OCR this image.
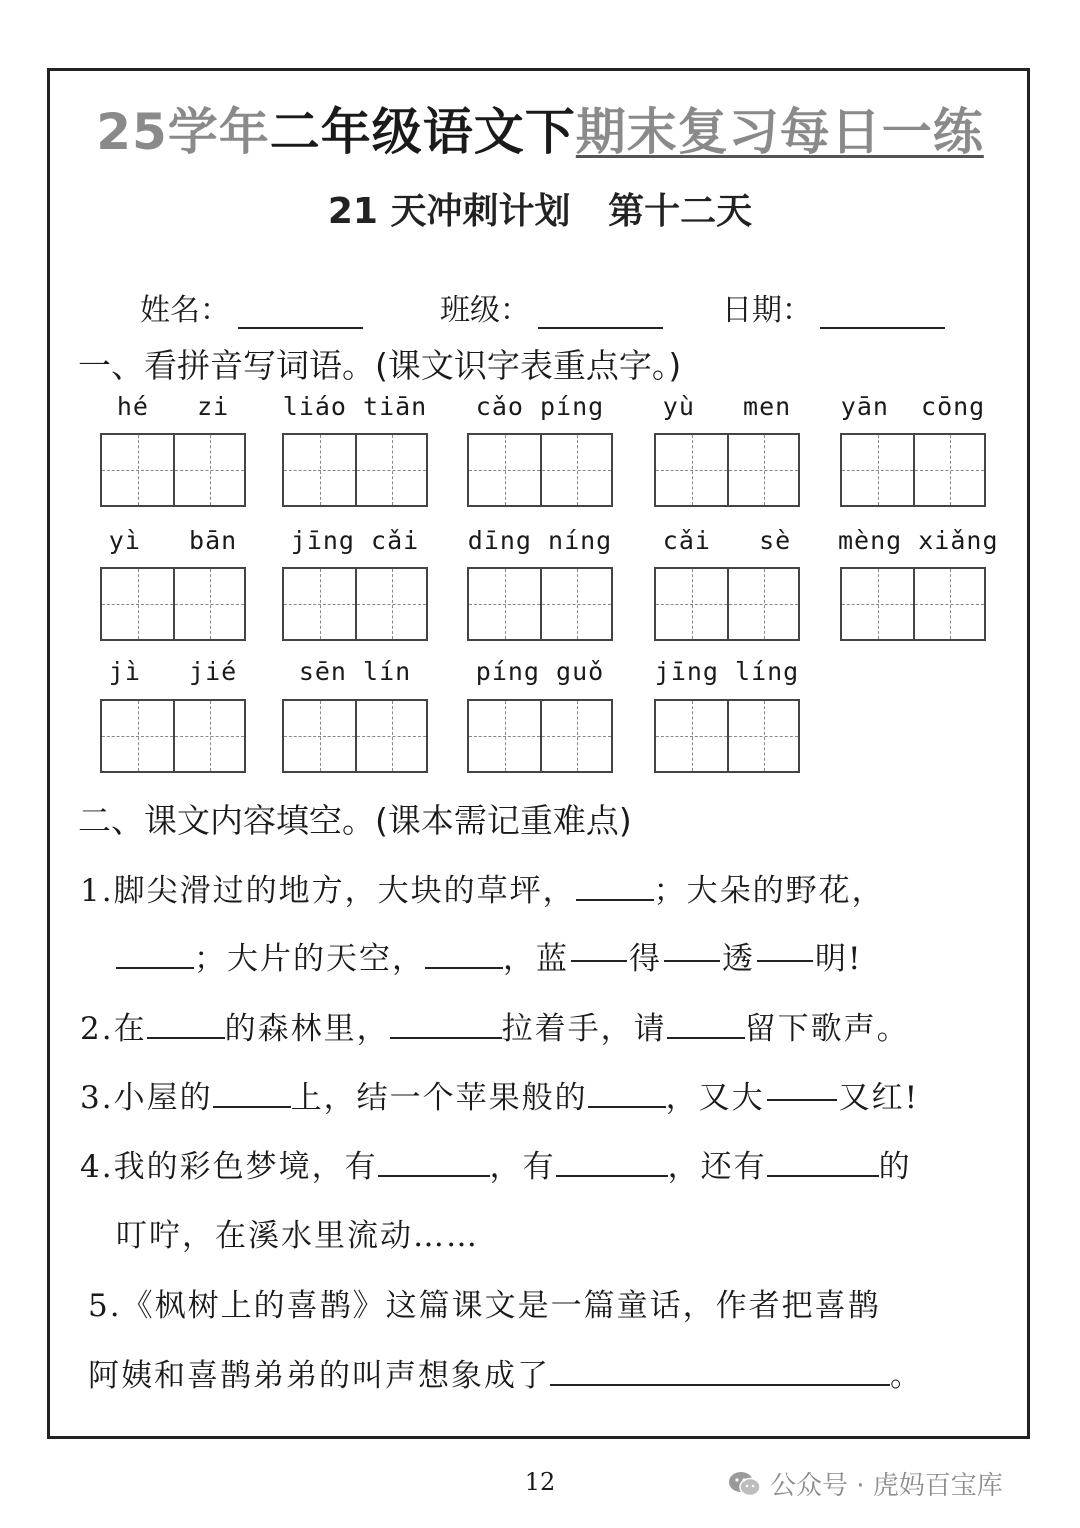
25学年二年级语文下期末复习每日一练
21 天冲刺计划   第十二天
姓名：	班级：	日期：
一、看拼音写词语。(课文识字表重点字。)
hé   zi	liáo tiān	cǎo píng	yù   men	yān  cōng
yì   bān	jīng cǎi	dīng níng	cǎi   sè	mèng xiǎng
jì   jié	sēn lín	píng guǒ	jīng líng
二、课文内容填空。(课本需记重难点)
1.脚尖滑过的地方，大块的草坪，	；大朵的野花，
；大片的天空，	，蓝 得 透 明!
2.在	的森林里，	拉着手，请	留下歌声。
3.小屋的	上，结一个苹果般的	，又大 又红!
4.我的彩色梦境，有	，有	，还有	的
叮咛，在溪水里流动……
5.《枫树上的喜鹊》这篇课文是一篇童话，作者把喜鹊
阿姨和喜鹊弟弟的叫声想象成了	。
12	公众号 · 虎妈百宝库
